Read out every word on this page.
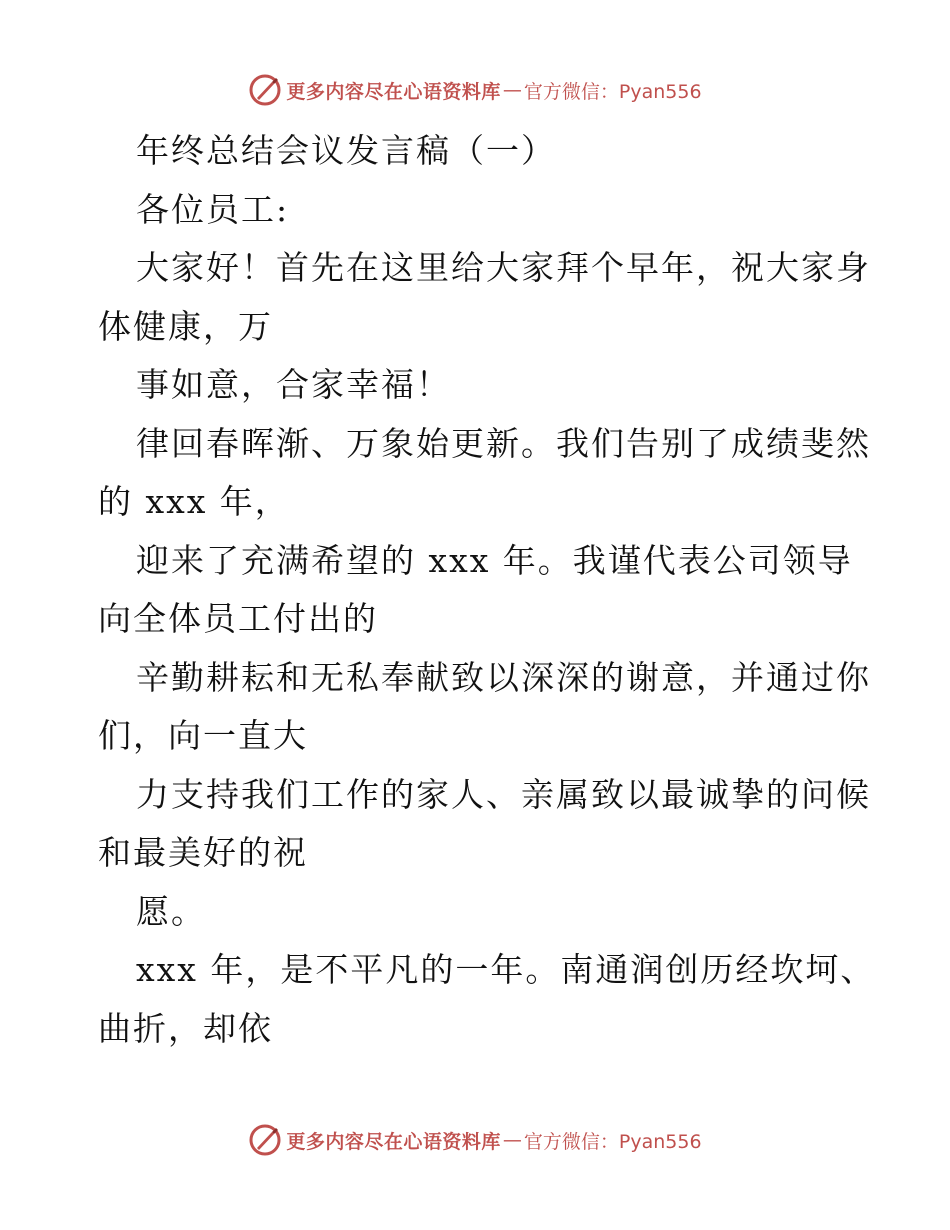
更多内容尽在心语资料库 — 官方微信：Pyan556
年终总结会议发言稿（一）
各位员工:
大家好！首先在这里给大家拜个早年，祝大家身
体健康，万
事如意，合家幸福！
律回春晖渐、万象始更新。我们告别了成绩斐然
的 xxx 年，
迎来了充满希望的 xxx 年。我谨代表公司领导
向全体员工付出的
辛勤耕耘和无私奉献致以深深的谢意，并通过你
们，向一直大
力支持我们工作的家人、亲属致以最诚挚的问候
和最美好的祝
愿。
xxx 年，是不平凡的一年。南通润创历经坎坷、
曲折，却依
更多内容尽在心语资料库 — 官方微信：Pyan556
